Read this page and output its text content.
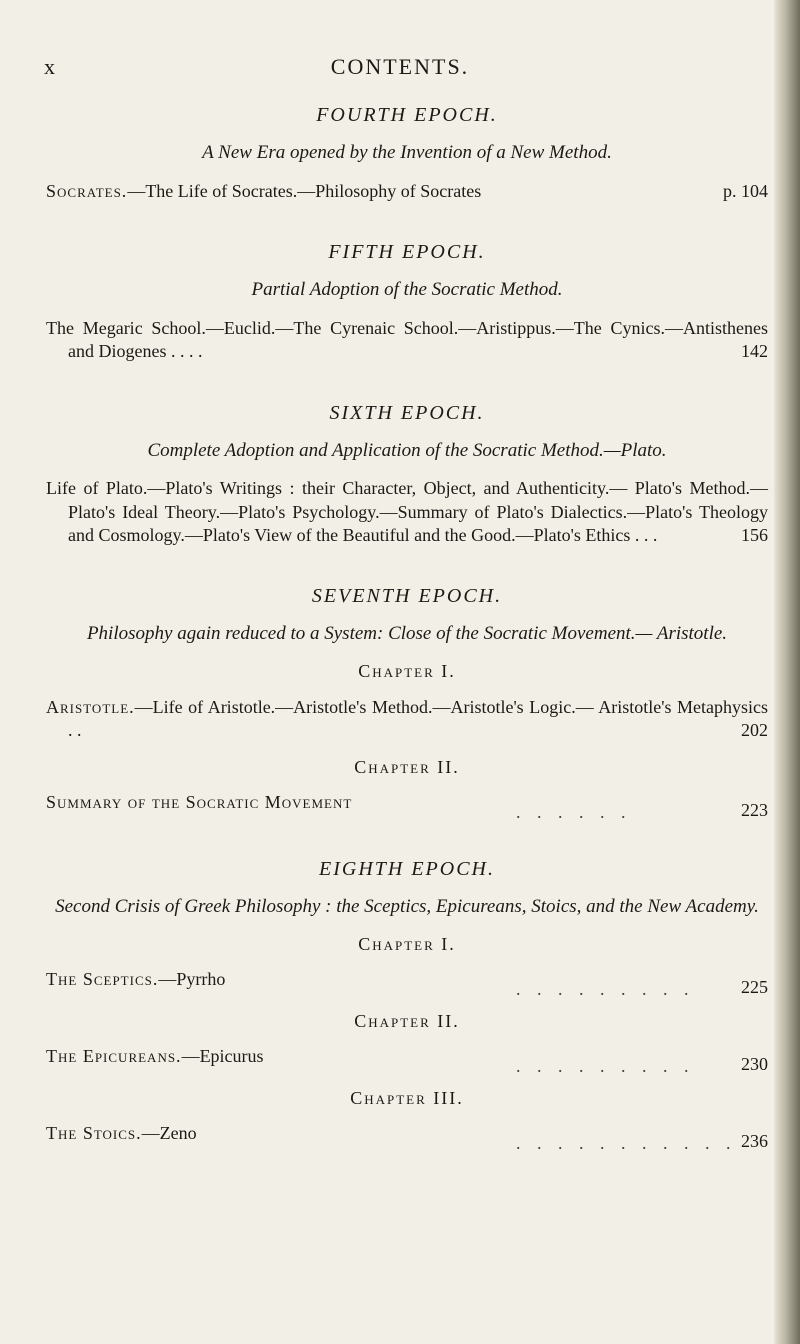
x	CONTENTS.
FOURTH EPOCH.
A New Era opened by the Invention of a New Method.
Socrates.—The Life of Socrates.—Philosophy of Socrates	p. 104
FIFTH EPOCH.
Partial Adoption of the Socratic Method.
The Megaric School.—Euclid.—The Cyrenaic School.—Aristippus.—The Cynics.—Antisthenes and Diogenes . . . .	142
SIXTH EPOCH.
Complete Adoption and Application of the Socratic Method.—Plato.
Life of Plato.—Plato's Writings : their Character, Object, and Authenticity.— Plato's Method.—Plato's Ideal Theory.—Plato's Psychology.—Summary of Plato's Dialectics.—Plato's Theology and Cosmology.—Plato's View of the Beautiful and the Good.—Plato's Ethics . . .	156
SEVENTH EPOCH.
Philosophy again reduced to a System: Close of the Socratic Movement.— Aristotle.
Chapter I.
Aristotle.—Life of Aristotle.—Aristotle's Method.—Aristotle's Logic.— Aristotle's Metaphysics . .	202
Chapter II.
Summary of the Socratic Movement	. . . . . .	223
EIGHTH EPOCH.
Second Crisis of Greek Philosophy : the Sceptics, Epicureans, Stoics, and the New Academy.
Chapter I.
The Sceptics.—Pyrrho	. . . . . . . . .	225
Chapter II.
The Epicureans.—Epicurus	. . . . . . . . .	230
Chapter III.
The Stoics.—Zeno	. . . . . . . . . . . 236
